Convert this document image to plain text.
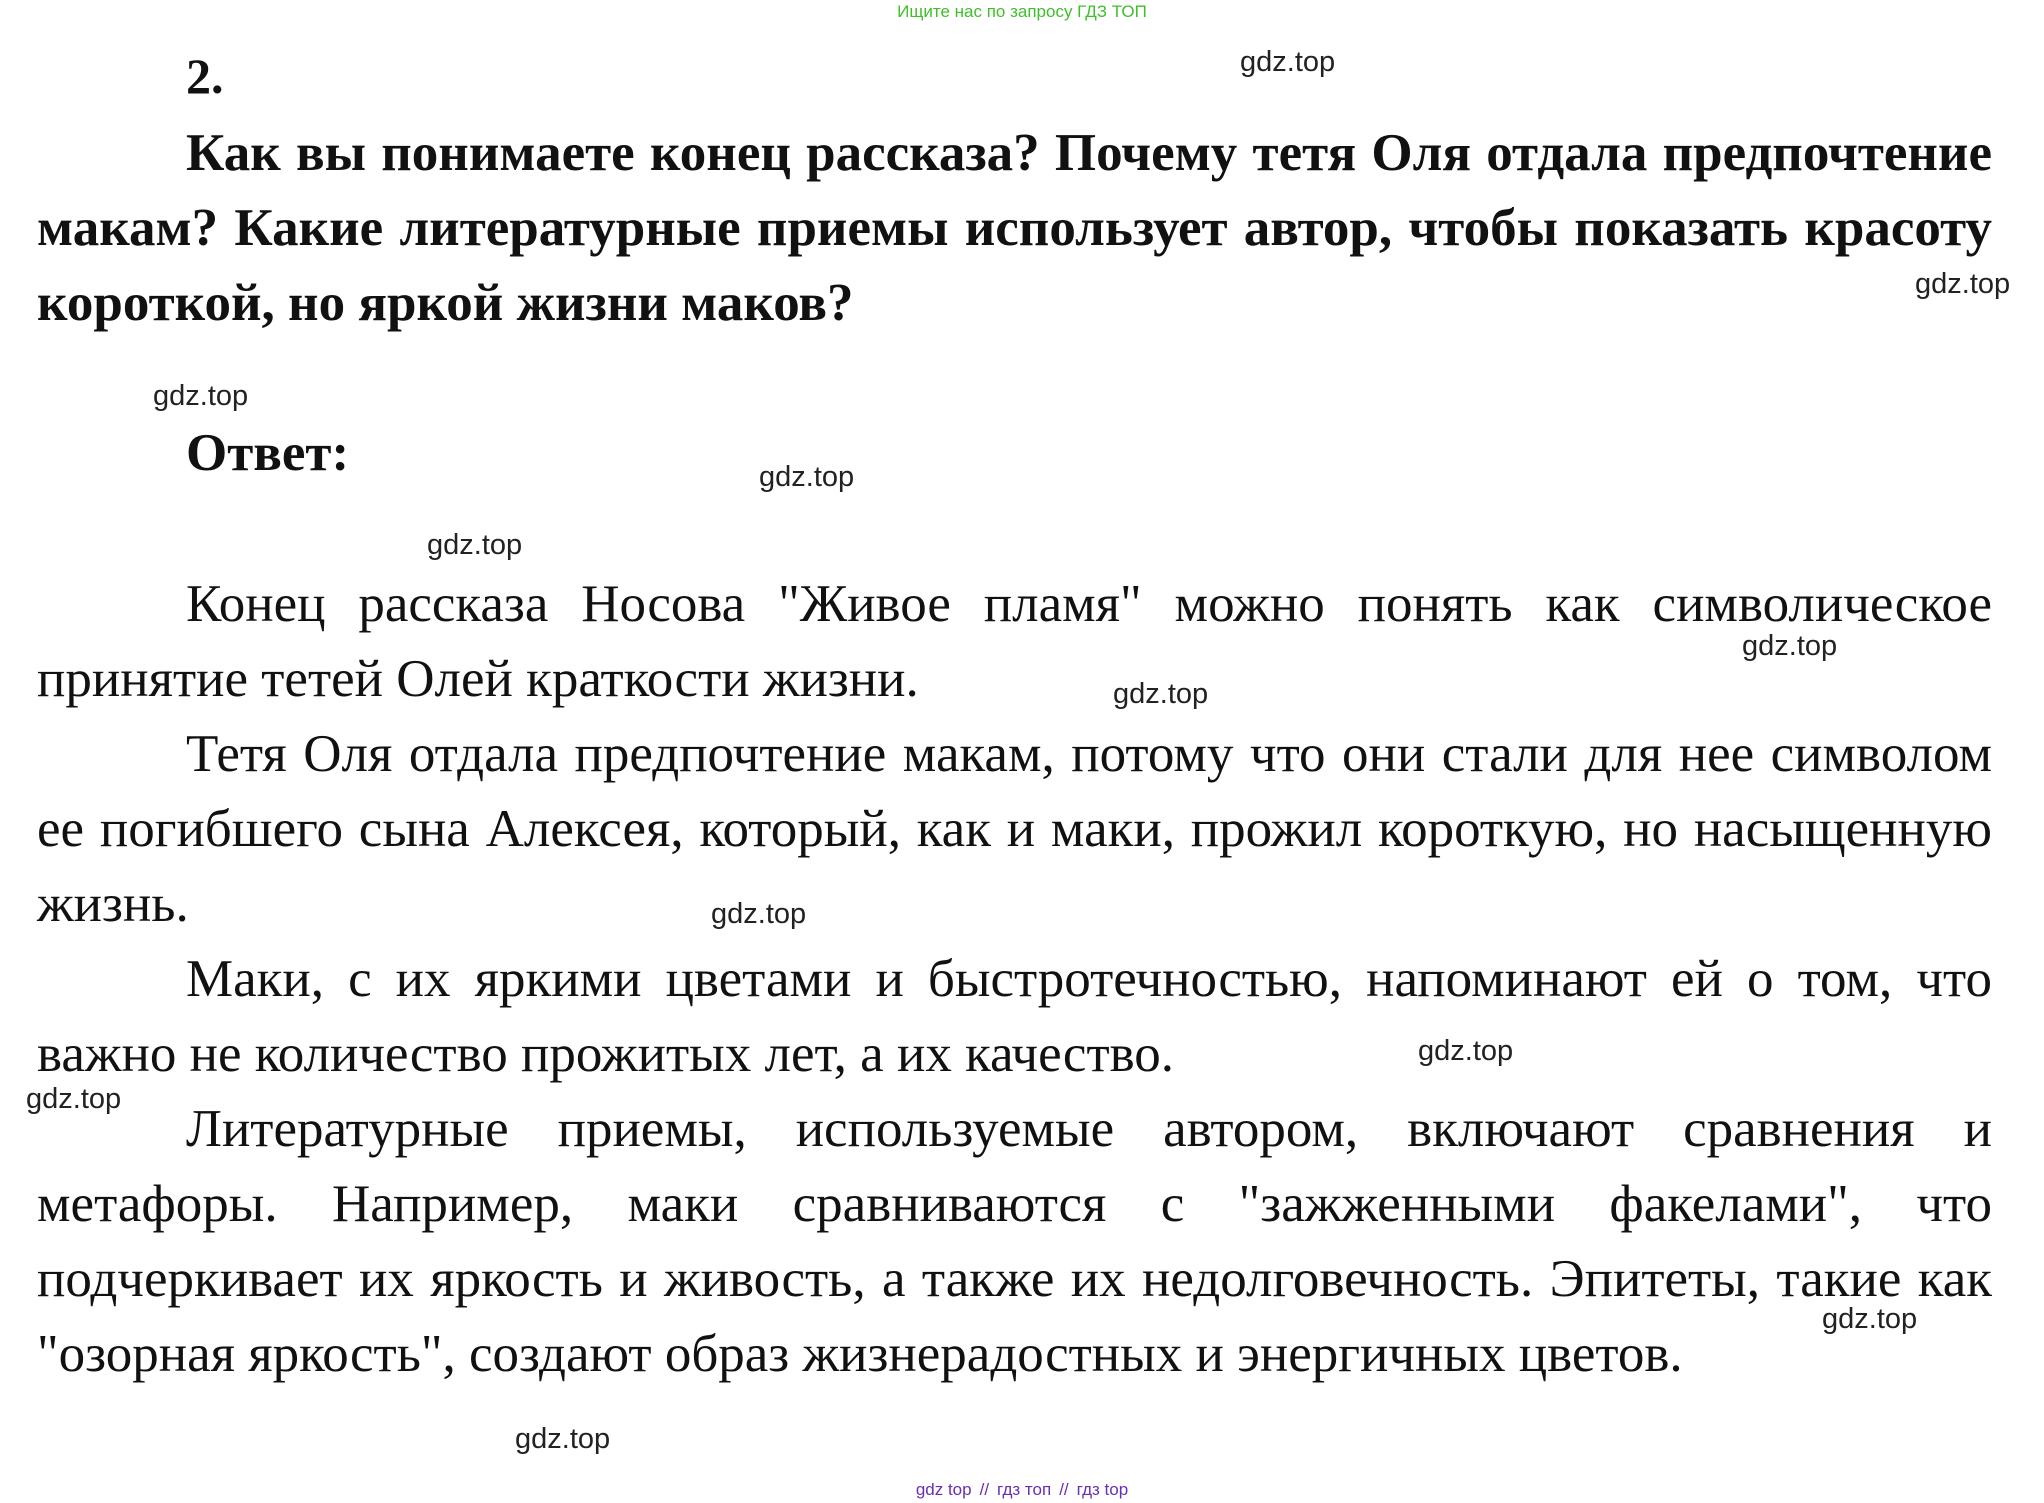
Ищите нас по запросу ГДЗ ТОП
2.

Как вы понимаете конец рассказа? Почему тетя Оля отдала предпочтение макам? Какие литературные приемы использует автор, чтобы показать красоту короткой, но яркой жизни маков?

Ответ:

Конец рассказа Носова "Живое пламя" можно понять как символическое принятие тетей Олей краткости жизни.

Тетя Оля отдала предпочтение макам, потому что они стали для нее символом ее погибшего сына Алексея, который, как и маки, прожил короткую, но насыщенную жизнь.

Маки, с их яркими цветами и быстротечностью, напоминают ей о том, что важно не количество прожитых лет, а их качество.

Литературные приемы, используемые автором, включают сравнения и метафоры. Например, маки сравниваются с "зажженными факелами", что подчеркивает их яркость и живость, а также их недолговечность. Эпитеты, такие как "озорная яркость", создают образ жизнерадостных и энергичных цветов.

gdz.top
gdz.top
gdz.top
gdz.top
gdz.top
gdz.top
gdz.top
gdz.top
gdz.top
gdz.top
gdz.top
gdz.top
gdz top // гдз топ // гдз top
